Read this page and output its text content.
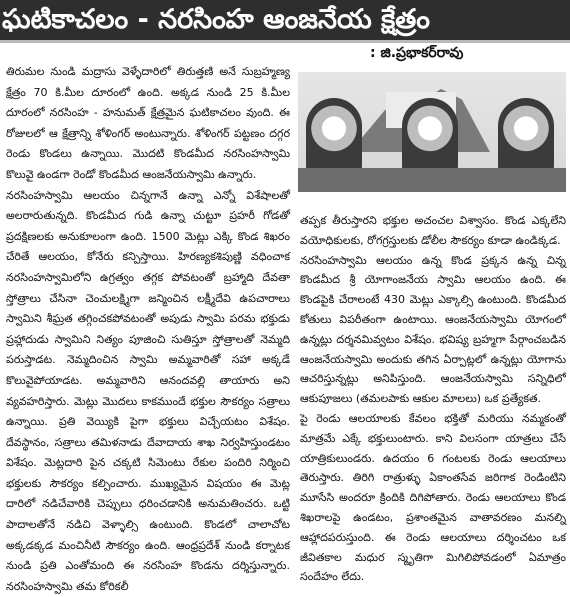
ఘటికాచలం - నరసింహ ఆంజనేయ క్షేత్రం
: జి.ప్రభాకర్‌రావు

తిరుమల నుండి మద్రాసు వెళ్ళేదారిలో తిరుత్తణి అనే సుబ్రహ్మణ్య క్షేత్రం 70 కి.మీల దూరంలో ఉంది. అక్కడ నుండి 25 కి.మీల దూరంలో నరసింహ - హనుమత్ క్షేత్రమైన ఘటికాచలం వుంది. ఈ రోజులలో ఆ క్షేత్రాన్ని శోళింగర్ అంటున్నారు. శోళింగర్ పట్టణం దగ్గర రెండు కొండలు ఉన్నాయి. మొదటి కొండమీద నరసింహస్వామి కొలువై ఉండగా రెండో కొండమీద ఆంజనేయస్వామి ఉన్నారు.

నరసింహస్వామి ఆలయం చిన్నగానే ఉన్నా ఎన్నో విశేషాలతో అలరారుతున్నది. కొండమీద గుడి ఉన్నా చుట్టూ ప్రహరీ గోడతో ప్రదక్షిణలకు అనుకూలంగా ఉంది. 1500 మెట్లు ఎక్కి కొండ శిఖరం చేరితే ఆలయం, కోనేరు కన్పిస్తాయి. హిరణ్యకశిపుణ్ణి వధించాక నరసింహస్వామిలోని ఉగ్రత్వం తగ్గక పోవటంతో బ్రహ్మాది దేవతా స్తోత్రాలు చేసినా చెంచులక్ష్మిగా జన్మించిన లక్ష్మీదేవి ఉపచారాలు స్వామిని శీఘ్రత తగ్గించకపోవటంతో అపుడు స్వామి పరమ భక్తుడు ప్రహ్లాదుడు స్వామిని నిత్యం పూజించి సుతిస్తూ స్తోత్రాలతో నెమ్మది పరుస్తాడట. నెమ్మదించిన స్వామి అమ్మవారితో సహా అక్కడే కొలువైపోయాడట. అమ్మవారిని ఆనందవల్లి తాయారు అని వ్యవహరిస్తారు. మెట్లు మొదలు కాకముందే భక్తుల సౌకర్యం సత్రాలు ఉన్నాయి. ప్రతి వెయ్యికి పైగా భక్తులు విచ్చేయటం విశేషం. దేవస్థానం, సత్రాలు తమిళనాడు దేవాదాయ శాఖ నిర్వహిస్తుండటం విశేషం. మెట్లదారి పైన చక్కటి సిమెంటు రేకుల పందిరి నిర్మించి భక్తులకు సౌకర్యం కల్పించారు. ముఖ్యమైన విషయం ఈ మెట్ల దారిలో నడిచేవారికి చెప్పులు ధరించడానికి అనుమతించరు. ఒట్టి పాదాలతోనే నడిచి వెళ్ళాల్సి ఉంటుంది. కొండలో చాలాచోట అక్కడక్కడ మంచినీటి సౌకర్యం ఉంది. ఆంధ్రప్రదేశ్ నుండి కర్నాటక నుండి ప్రతి ఎంతోమంది ఈ నరసింహ కొండను దర్శిస్తున్నారు. నరసింహస్వామి తమ కోరికలీ

తప్పక తీరుస్తారని భక్తుల అచంచల విశ్వాసం. కొండ ఎక్కలేని వయోధికులకు, రోగగ్రస్తులకు డోలీల సౌకర్యం కూడా ఉండిక్కడ.

నరసింహస్వామి ఆలయం ఉన్న కొండ ప్రక్కన ఉన్న చిన్న కొండమీద శ్రీ యోగాంజనేయ స్వామి ఆలయం ఉంది. ఈ కొండపైకి చేరాలంటే 430 మెట్లు ఎక్కాల్సి ఉంటుంది. కొండమీద కోతులు విపరీతంగా ఉంటాయి. ఆంజనేయస్వామి యోగంలో ఉన్నట్లు దర్శనమివ్వటం విశేషం. భవిష్య బ్రహ్మగా పేర్గాంచబడిన ఆంజనేయస్వామి అందుకు తగిన ఏర్పాట్లలో ఉన్నట్లు యోగాను ఆచరిస్తున్నట్లు అనిపిస్తుంది. ఆంజనేయస్వామి సన్నిధిలో ఆకుపూజలు (తమలపాకు ఆకుల మాలలు) ఒక ప్రత్యేకత.

పై రెండు ఆలయాలకు కేవలం భక్తితో మరియు నమ్మకంతో మాత్రమే ఎక్కే భక్తులుంటారు. కాని విలసంగా యాత్రలు చేసే యాత్రికులుండరు. ఉదయం 6 గంటలకు రెండు ఆలయాలు తెరుస్తారు. తిరిగి రాత్రుళ్ళు ఏకాంతసేవ జరిగాక రెండింటిని మూసేసి అందరూ క్రిందికి దిగిపోతారు. రెండు ఆలయాలు కొండ శిఖరాలపై ఉండటం, ప్రశాంతమైన వాతావరణం మనల్ని ఆహ్లాదపరుస్తుంది. ఈ రెండు ఆలయాలు దర్శించటం ఒక జీవితకాల మధుర స్మృతిగా మిగిలిపోవడంలో ఏమాత్రం సందేహం లేదు.
